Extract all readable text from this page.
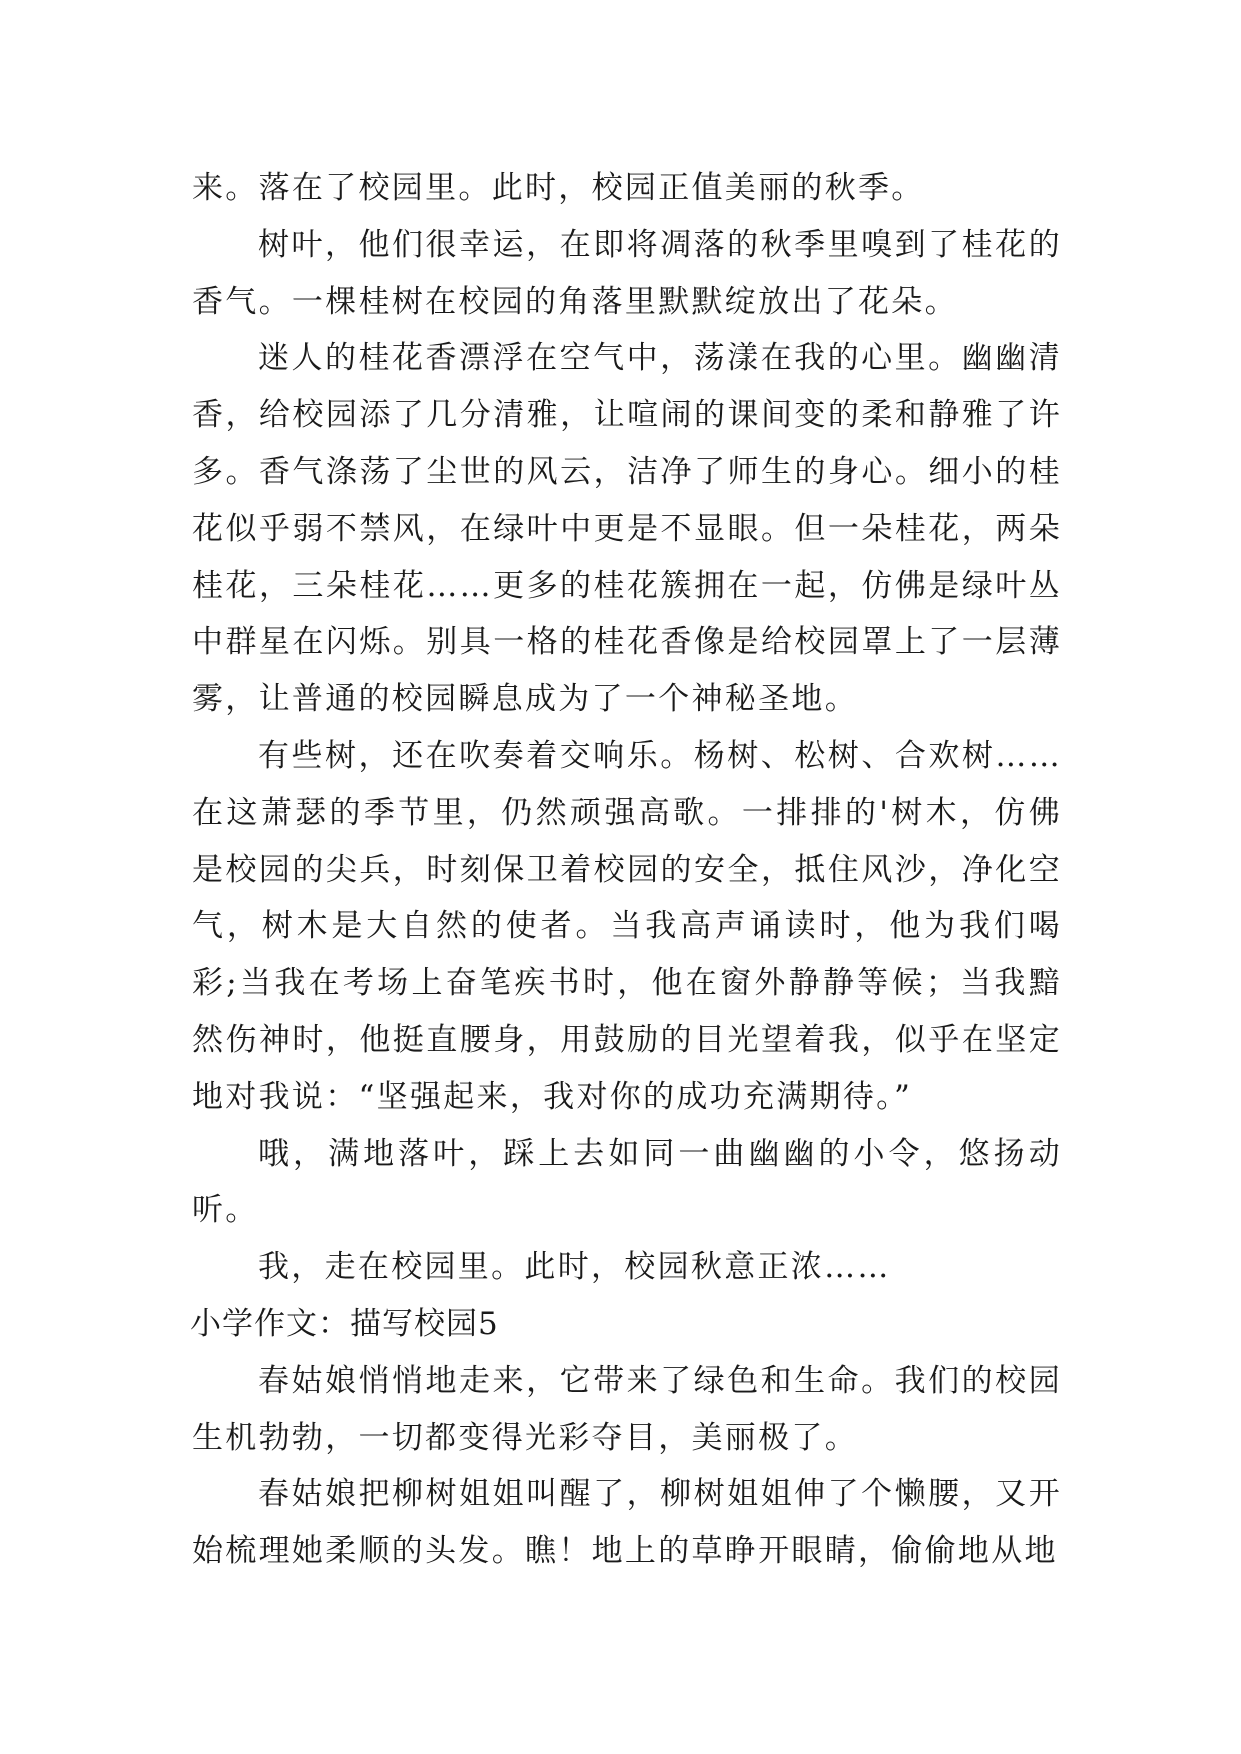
来。落在了校园里。此时，校园正值美丽的秋季。

树叶，他们很幸运，在即将凋落的秋季里嗅到了桂花的香气。一棵桂树在校园的角落里默默绽放出了花朵。

迷人的桂花香漂浮在空气中，荡漾在我的心里。幽幽清香，给校园添了几分清雅，让喧闹的课间变的柔和静雅了许多。香气涤荡了尘世的风云，洁净了师生的身心。细小的桂花似乎弱不禁风，在绿叶中更是不显眼。但一朵桂花，两朵桂花，三朵桂花……更多的桂花簇拥在一起，仿佛是绿叶丛中群星在闪烁。别具一格的桂花香像是给校园罩上了一层薄雾，让普通的校园瞬息成为了一个神秘圣地。

有些树，还在吹奏着交响乐。杨树、松树、合欢树……在这萧瑟的季节里，仍然顽强高歌。一排排的'树木，仿佛是校园的尖兵，时刻保卫着校园的安全，抵住风沙，净化空气，树木是大自然的使者。当我高声诵读时，他为我们喝彩;当我在考场上奋笔疾书时，他在窗外静静等候；当我黯然伤神时，他挺直腰身，用鼓励的目光望着我，似乎在坚定地对我说：“坚强起来，我对你的成功充满期待。”

哦，满地落叶，踩上去如同一曲幽幽的小令，悠扬动听。

我，走在校园里。此时，校园秋意正浓……

小学作文：描写校园5

春姑娘悄悄地走来，它带来了绿色和生命。我们的校园生机勃勃，一切都变得光彩夺目，美丽极了。

春姑娘把柳树姐姐叫醒了，柳树姐姐伸了个懒腰，又开始梳理她柔顺的头发。瞧！地上的草睁开眼睛，偷偷地从地
